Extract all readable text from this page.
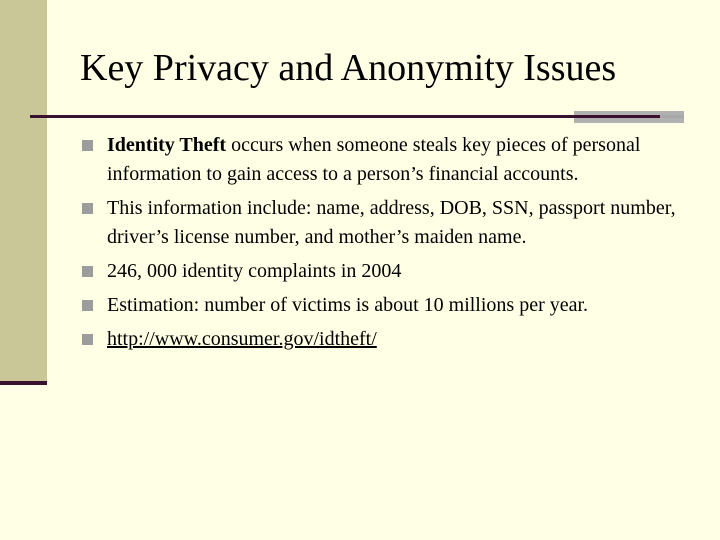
Key Privacy and Anonymity Issues
Identity Theft occurs when someone steals key pieces of personal information to gain access to a person’s financial accounts.
This information include: name, address, DOB, SSN, passport number, driver’s license number, and mother’s maiden name.
246, 000 identity complaints in 2004
Estimation: number of victims is about 10 millions per year.
http://www.consumer.gov/idtheft/
